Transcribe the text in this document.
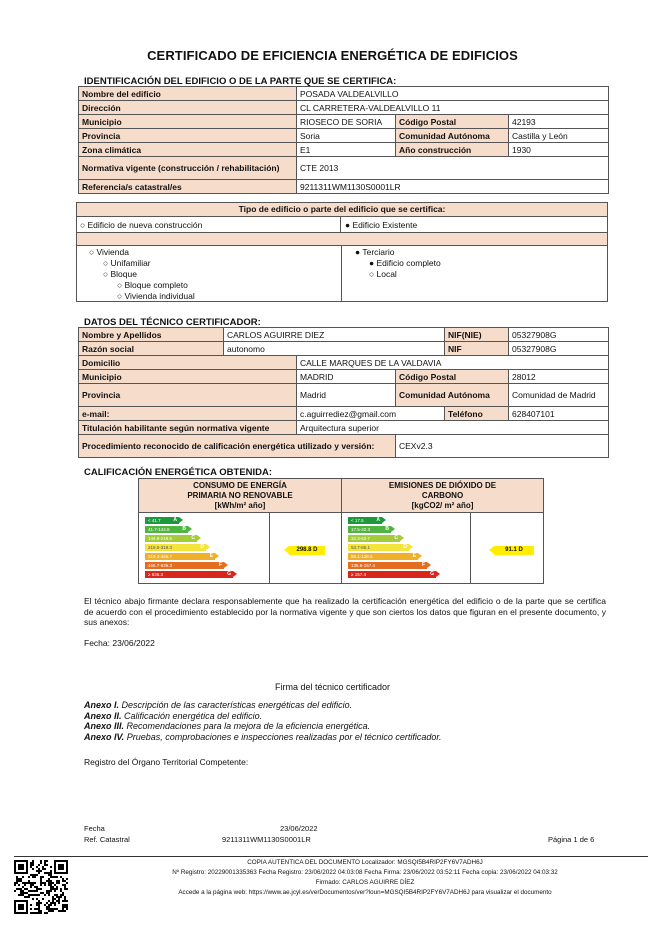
CERTIFICADO DE EFICIENCIA ENERGÉTICA DE EDIFICIOS
IDENTIFICACIÓN DEL EDIFICIO O DE LA PARTE QUE SE CERTIFICA:
Nombre del edificio	POSADA VALDEALVILLO		
Dirección	CL CARRETERA-VALDEALVILLO 11		
Municipio	RIOSECO DE SORIA	Código Postal	42193
Provincia	Soria	Comunidad Autónoma	Castilla y León
Zona climática	E1	Año construcción	1930
Normativa vigente (construcción / rehabilitación)	CTE 2013		
Referencia/s catastral/es	9211311WM1130S0001LR		
Tipo de edificio o parte del edificio que se certifica:
○ Edificio de nueva construcción	● Edificio Existente
○ Vivienda
○ Unifamiliar
○ Bloque
○ Bloque completo
○ Vivienda individual
● Terciario
● Edificio completo
○ Local
DATOS DEL TÉCNICO CERTIFICADOR:
Nombre y Apellidos	CARLOS AGUIRRE DIEZ			NIF(NIE)	05327908G
Razón social	autonomo			NIF	05327908G
Domicilio		CALLE MARQUES DE LA VALDAVIA			
Municipio		MADRID	Código Postal		28012
Provincia		Madrid	Comunidad Autónoma		Comunidad de Madrid
e-mail:		c.aguirrediez@gmail.com		Teléfono	628407101
Titulación habilitante según normativa vigente		Arquitectura superior			
Procedimiento reconocido de calificación energética utilizado y versión:			CEXv2.3		
CALIFICACIÓN ENERGÉTICA OBTENIDA:
CONSUMO DE ENERGÍA
PRIMARIA NO RENOVABLE
[kWh/m² año]
< 41.7	A
41.7-144.8	B
144.8-218.5	C
218.5-319.3	D
319.3-466.7	E
466.7-636.3	F
≥ 636.3	G
298.8 D
EMISIONES DE DIÓXIDO DE
CARBONO
[kgCO2/ m² año]
< 17.5	A
17.5-32.3	B
32.3-53.7	C
53.7-85.1	D
85.1-136.6	E
136.6-157.4	F
≥ 157.4	G
91.1 D
El técnico abajo firmante declara responsablemente que ha realizado la certificación energética del edificio o de la parte que se certifica de acuerdo con el procedimiento establecido por la normativa vigente y que son ciertos los datos que figuran en el presente documento, y sus anexos:
Fecha: 23/06/2022
Firma del técnico certificador
Anexo I. Descripción de las características energéticas del edificio.
Anexo II. Calificación energética del edificio.
Anexo III. Recomendaciones para la mejora de la eficiencia energética.
Anexo IV. Pruebas, comprobaciones e inspecciones realizadas por el técnico certificador.
Registro del Órgano Territorial Competente:
Fecha	23/06/2022
Ref. Catastral	9211311WM1130S0001LR	Página 1 de 6
COPIA AUTENTICA DEL DOCUMENTO Localizador: MGSQI5B4RIP2FY6V7ADH6J
Nº Registro: 20229001335363 Fecha Registro: 23/06/2022 04:03:08 Fecha Firma: 23/06/2022 03:52:11 Fecha copia: 23/06/2022 04:03:32
Firmado: CARLOS AGUIRRE DÍEZ
Accede a la página web: https://www.ae.jcyl.es/verDocumentos/ver?loun=MGSQI5B4RIP2FY6V7ADH6J para visualizar el documento
